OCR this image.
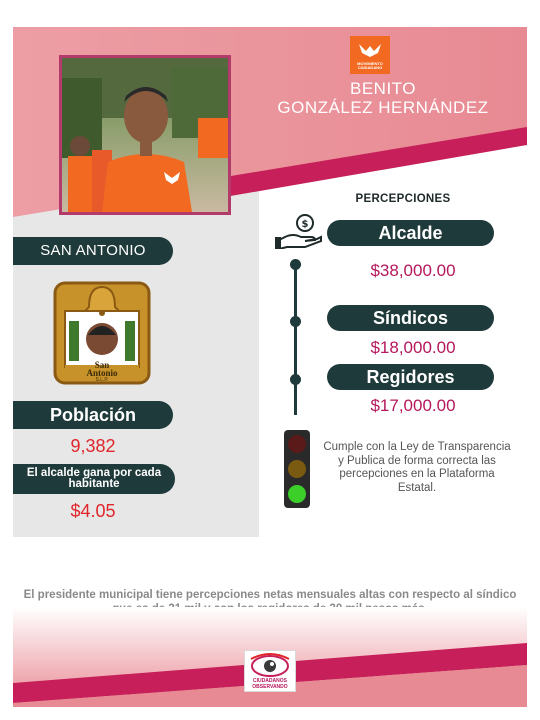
MOVIMIENTO CIUDADANO
BENITO
GONZÁLEZ HERNÁNDEZ
SAN ANTONIO
San
Antonio
S.L.P.
Población
9,382
El alcalde gana por cada habitante
$4.05
PERCEPCIONES
$	Alcalde
$38,000.00
Síndicos
$18,000.00
Regidores
$17,000.00
Cumple con la Ley de Transparencia y Publica de forma correcta las percepciones en la Plataforma Estatal.
El presidente municipal tiene percepciones netas mensuales altas con respecto al síndico
CIUDADANOS
OBSERVANDO
